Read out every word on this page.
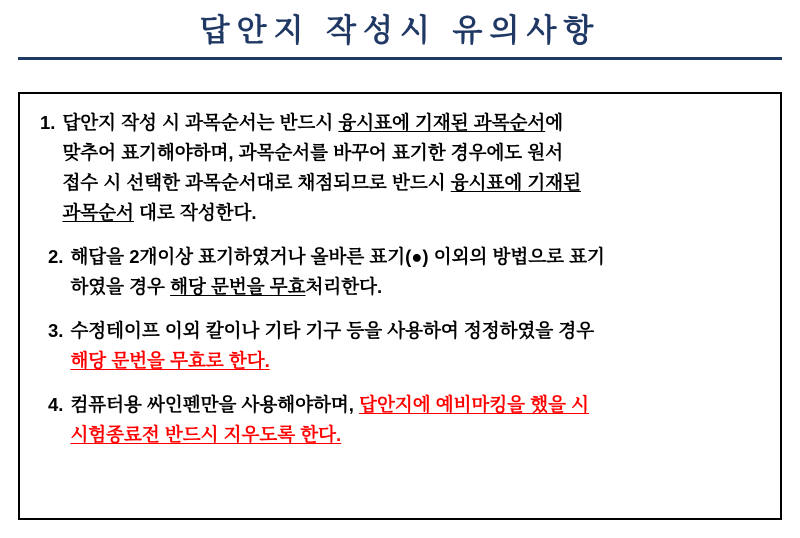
답안지 작성시 유의사항
1. 답안지 작성 시 과목순서는 반드시 융시표에 기재된 과목순서에
맞추어 표기해야하며, 과목순서를 바꾸어 표기한 경우에도 원서
접수 시 선택한 과목순서대로 채점되므로 반드시 융시표에 기재된
과목순서 대로 작성한다.
2. 해답을 2개이상 표기하였거나 올바른 표기(●) 이외의 방법으로 표기
하였을 경우 해당 문번을 무효처리한다.
3. 수정테이프 이외 칼이나 기타 기구 등을 사용하여 정정하였을 경우
해당 문번을 무효로 한다.
4. 컴퓨터용 싸인펜만을 사용해야하며, 답안지에 예비마킹을 했을 시
시험종료전 반드시 지우도록 한다.
